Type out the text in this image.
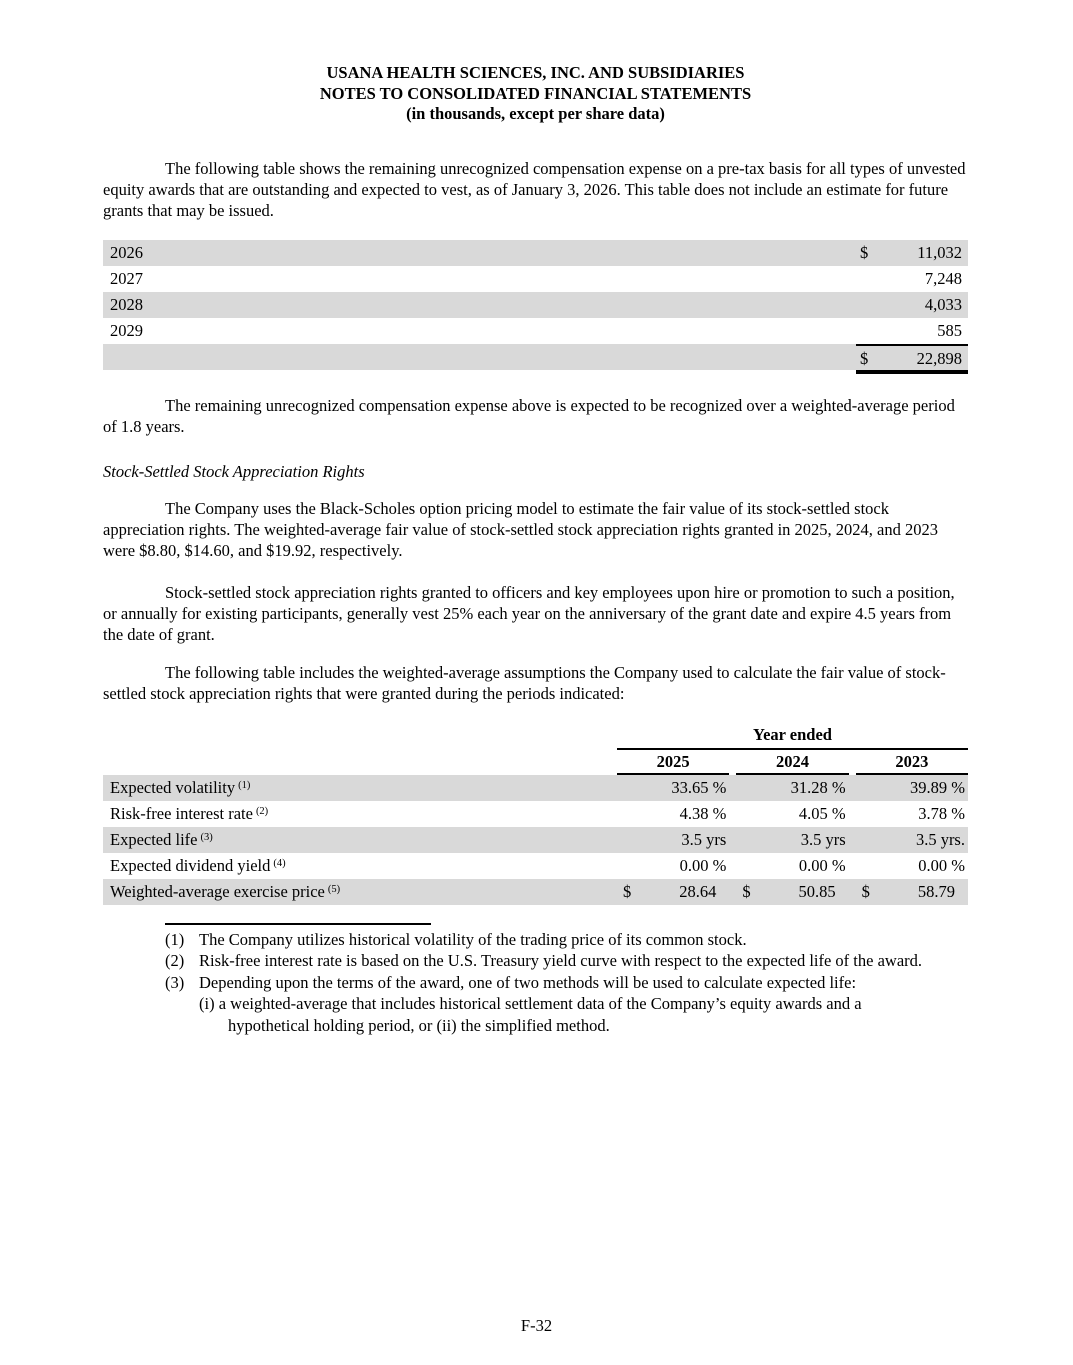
USANA HEALTH SCIENCES, INC. AND SUBSIDIARIES
NOTES TO CONSOLIDATED FINANCIAL STATEMENTS
(in thousands, except per share data)

The following table shows the remaining unrecognized compensation expense on a pre-tax basis for all types of unvested equity awards that are outstanding and expected to vest, as of January 3, 2026. This table does not include an estimate for future grants that may be issued.

2026	$	11,032
2027	7,248
2028	4,033
2029	585
$	22,898

The remaining unrecognized compensation expense above is expected to be recognized over a weighted-average period of 1.8 years.

Stock-Settled Stock Appreciation Rights

The Company uses the Black-Scholes option pricing model to estimate the fair value of its stock-settled stock appreciation rights. The weighted-average fair value of stock-settled stock appreciation rights granted in 2025, 2024, and 2023 were $8.80, $14.60, and $19.92, respectively.

Stock-settled stock appreciation rights granted to officers and key employees upon hire or promotion to such a position, or annually for existing participants, generally vest 25% each year on the anniversary of the grant date and expire 4.5 years from the date of grant.

The following table includes the weighted-average assumptions the Company used to calculate the fair value of stock-settled stock appreciation rights that were granted during the periods indicated:

Year ended
2025	2024	2023
Expected volatility $^{(1)}$	33.65 %	31.28 %	39.89 %
Risk-free interest rate $^{(2)}$	4.38 %	4.05 %	3.78 %
Expected life $^{(3)}$	3.5 yrs	3.5 yrs	3.5 yrs.
Expected dividend yield $^{(4)}$	0.00 %	0.00 %	0.00 %
Weighted-average exercise price $^{(5)}$	$	28.64	$	50.85	$	58.79
(1) The Company utilizes historical volatility of the trading price of its common stock.
(2) Risk-free interest rate is based on the U.S. Treasury yield curve with respect to the expected life of the award.
(3) Depending upon the terms of the award, one of two methods will be used to calculate expected life:
(i) a weighted-average that includes historical settlement data of the Company’s equity awards and a
hypothetical holding period, or (ii) the simplified method.
F-32
